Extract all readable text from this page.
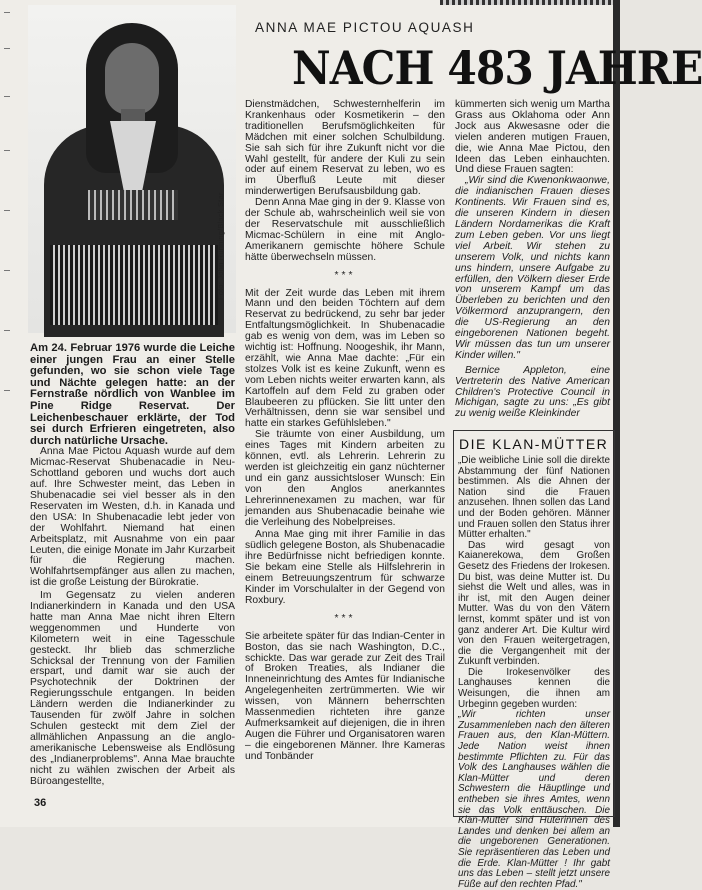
Foto: John Running/Black Star
ANNA MAE PICTOU AQUASH
NACH 483 JAHRE

Am 24. Februar 1976 wurde die Leiche einer jungen Frau an einer Stelle gefunden, wo sie schon viele Tage und Nächte gelegen hatte: an der Fernstraße nördlich von Wanblee im Pine Ridge Reservat. Der Leichenbeschauer erklärte, der Tod sei durch Erfrieren eingetreten, also durch natürliche Ursache.

Anna Mae Pictou Aquash wurde auf dem Micmac-Reservat Shubenacadie in Neu-Schottland geboren und wuchs dort auch auf. Ihre Schwester meint, das Leben in Shubenacadie sei viel besser als in den Reservaten im Westen, d.h. in Kanada und den USA: In Shubenacadie lebt jeder von der Wohlfahrt. Niemand hat einen Arbeitsplatz, mit Ausnahme von ein paar Leuten, die einige Monate im Jahr Kurzarbeit für die Regierung machen. Wohlfahrtsempfänger aus allen zu machen, ist die große Leistung der Bürokratie.

Im Gegensatz zu vielen anderen Indianerkindern in Kanada und den USA hatte man Anna Mae nicht ihren Eltern weggenommen und Hunderte von Kilometern weit in eine Tagesschule gesteckt. Ihr blieb das schmerzliche Schicksal der Trennung von der Familien erspart, und damit war sie auch der Psychotechnik der Doktrinen der Regierungsschule entgangen. In beiden Ländern werden die Indianerkinder zu Tausenden für zwölf Jahre in solchen Schulen gesteckt mit dem Ziel der allmählichen Anpassung an die anglo-amerikanische Lebensweise als Endlösung des „Indianerproblems". Anna Mae brauchte nicht zu wählen zwischen der Arbeit als Büroangestellte,

Dienstmädchen, Schwesternhelferin im Krankenhaus oder Kosmetikerin – den traditionellen Berufsmöglichkeiten für Mädchen mit einer solchen Schulbildung. Sie sah sich für ihre Zukunft nicht vor die Wahl gestellt, für andere der Kuli zu sein oder auf einem Reservat zu leben, wo es im Überfluß Leute mit dieser minderwertigen Berufsausbildung gab.

Denn Anna Mae ging in der 9. Klasse von der Schule ab, wahrscheinlich weil sie von der Reservatschule mit ausschließlich Micmac-Schülern in eine mit Anglo-Amerikanern gemischte höhere Schule hätte überwechseln müssen.

***

Mit der Zeit wurde das Leben mit ihrem Mann und den beiden Töchtern auf dem Reservat zu bedrückend, zu sehr bar jeder Entfaltungsmöglichkeit. In Shubenacadie gab es wenig von dem, was im Leben so wichtig ist: Hoffnung. Noogeshik, ihr Mann, erzählt, wie Anna Mae dachte: „Für ein stolzes Volk ist es keine Zukunft, wenn es vom Leben nichts weiter erwarten kann, als Kartoffeln auf dem Feld zu graben oder Blaubeeren zu pflücken. Sie litt unter den Verhältnissen, denn sie war sensibel und hatte ein starkes Gefühlsleben."

Sie träumte von einer Ausbildung, um eines Tages mit Kindern arbeiten zu können, evtl. als Lehrerin. Lehrerin zu werden ist gleichzeitig ein ganz nüchterner und ein ganz aussichtsloser Wunsch: Ein von den Anglos anerkanntes Lehrerinnenexamen zu machen, war für jemanden aus Shubenacadie beinahe wie die Verleihung des Nobelpreises.

Anna Mae ging mit ihrer Familie in das südlich gelegene Boston, als Shubenacadie ihre Bedürfnisse nicht befriedigen konnte. Sie bekam eine Stelle als Hilfslehrerin in einem Betreuungszentrum für schwarze Kinder im Vorschulalter in der Gegend von Roxbury.

***

Sie arbeitete später für das Indian-Center in Boston, das sie nach Washington, D.C., schickte. Das war gerade zur Zeit des Trail of Broken Treaties, als Indianer die Inneneinrichtung des Amtes für Indianische Angelegenheiten zertrümmerten. Wie wir wissen, von Männern beherrschten Massenmedien richteten ihre ganze Aufmerksamkeit auf diejenigen, die in ihren Augen die Führer und Organisatoren waren – die eingeborenen Männer. Ihre Kameras und Tonbänder

kümmerten sich wenig um Martha Grass aus Oklahoma oder Ann Jock aus Akwesasne oder die vielen anderen mutigen Frauen, die, wie Anna Mae Pictou, den Ideen das Leben einhauchten. Und diese Frauen sagten:

„Wir sind die Kwenonkwaonwe, die indianischen Frauen dieses Kontinents. Wir Frauen sind es, die unseren Kindern in diesen Ländern Nordamerikas die Kraft zum Leben geben. Vor uns liegt viel Arbeit. Wir stehen zu unserem Volk, und nichts kann uns hindern, unsere Aufgabe zu erfüllen, den Völkern dieser Erde von unserem Kampf um das Überleben zu berichten und den Völkermord anzuprangern, den die US-Regierung an den eingeborenen Nationen begeht. Wir müssen das tun um unserer Kinder willen."

Bernice Appleton, eine Vertreterin des Native American Children's Protective Council in Michigan, sagte zu uns: „Es gibt zu wenig weiße Kleinkinder

DIE KLAN-MÜTTER

„Die weibliche Linie soll die direkte Abstammung der fünf Nationen bestimmen. Als die Ahnen der Nation sind die Frauen anzusehen. Ihnen sollen das Land und der Boden gehören. Männer und Frauen sollen den Status ihrer Mütter erhalten."

Das wird gesagt von Kaianerekowa, dem Großen Gesetz des Friedens der Irokesen. Du bist, was deine Mutter ist. Du siehst die Welt und alles, was in ihr ist, mit den Augen deiner Mutter. Was du von den Vätern lernst, kommt später und ist von ganz anderer Art. Die Kultur wird von den Frauen weitergetragen, die die Vergangenheit mit der Zukunft verbinden.

Die Irokesenvölker des Langhauses kennen die Weisungen, die ihnen am Urbeginn gegeben wurden:

„Wir richten unser Zusammenleben nach den älteren Frauen aus, den Klan-Müttern. Jede Nation weist ihnen bestimmte Pflichten zu. Für das Volk des Langhauses wählen die Klan-Mütter und deren Schwestern die Häuptlinge und entheben sie ihres Amtes, wenn sie das Volk enttäuschen. Die Klan-Mütter sind Hüterinnen des Landes und denken bei allem an die ungeborenen Generationen. Sie repräsentieren das Leben und die Erde. Klan-Mütter ! Ihr gabt uns das Leben – stellt jetzt unsere Füße auf den rechten Pfad."

36
